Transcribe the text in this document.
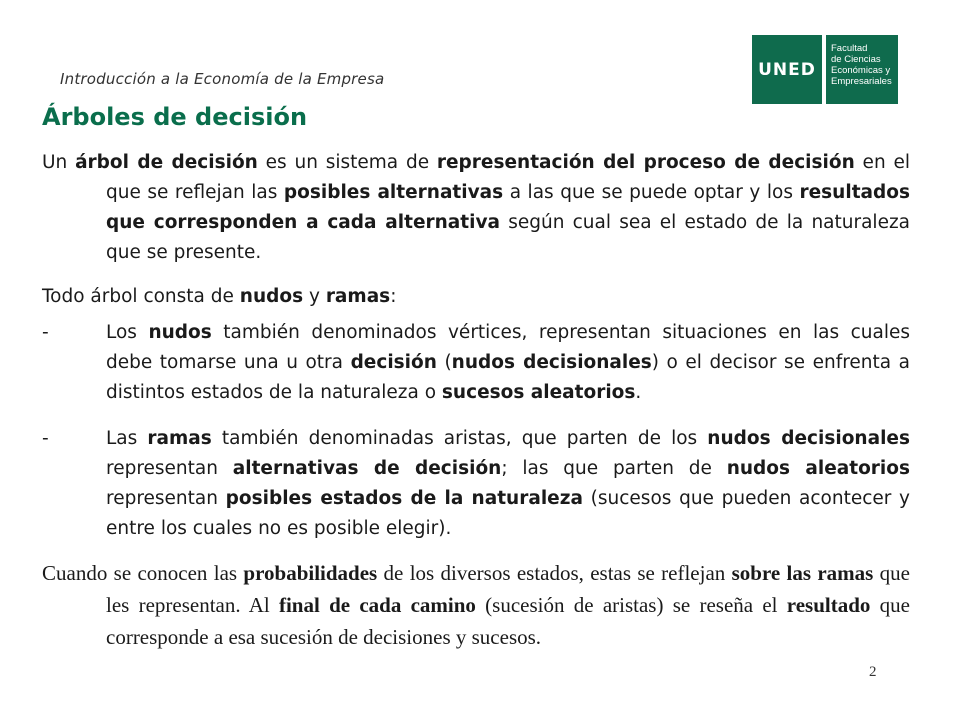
Introducción a la Economía de la Empresa	UNED
Facultad
de Ciencias
Económicas y
Empresariales
Árboles de decisión
Un árbol de decisión es un sistema de representación del proceso de decisión en el que se reflejan las posibles alternativas a las que se puede optar y los resultados que corresponden a cada alternativa según cual sea el estado de la naturaleza que se presente.
Todo árbol consta de nudos y ramas:
-	Los nudos también denominados vértices, representan situaciones en las cuales debe tomarse una u otra decisión (nudos decisionales) o el decisor se enfrenta a distintos estados de la naturaleza o sucesos aleatorios.
-	Las ramas también denominadas aristas, que parten de los nudos decisionales representan alternativas de decisión; las que parten de nudos aleatorios representan posibles estados de la naturaleza (sucesos que pueden acontecer y entre los cuales no es posible elegir).
Cuando se conocen las probabilidades de los diversos estados, estas se reflejan sobre las ramas que les representan. Al final de cada camino (sucesión de aristas) se reseña el resultado que corresponde a esa sucesión de decisiones y sucesos.
2
